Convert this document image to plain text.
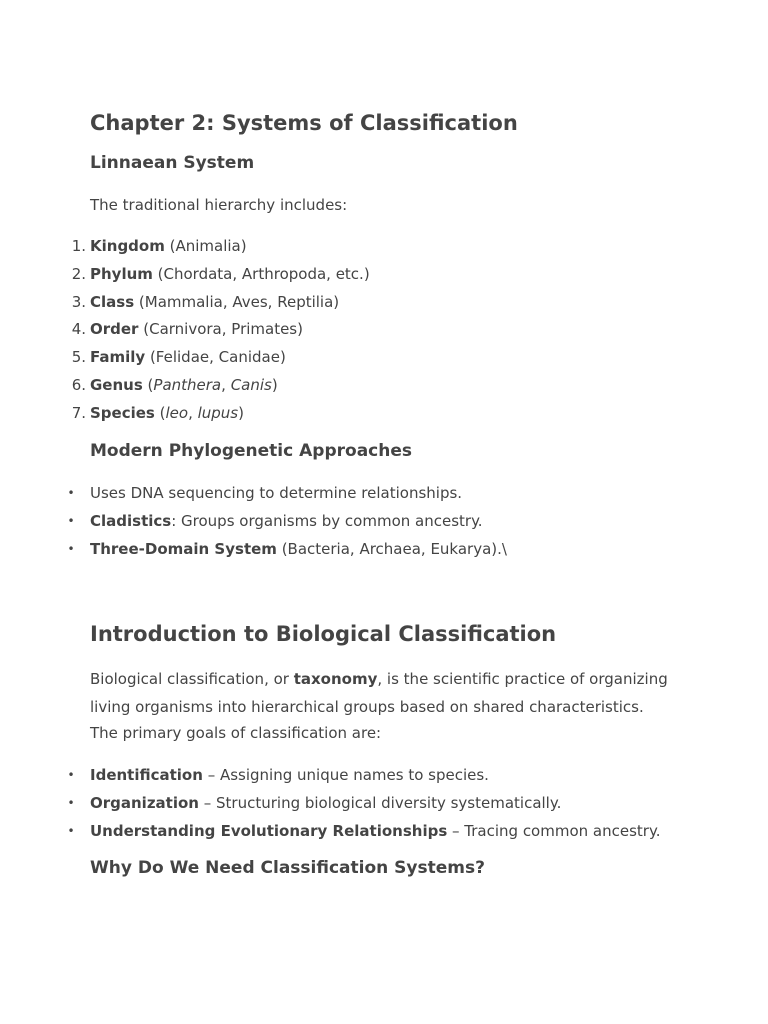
Chapter 2: Systems of Classification
Linnaean System

The traditional hierarchy includes:

1. Kingdom (Animalia)
2. Phylum (Chordata, Arthropoda, etc.)
3. Class (Mammalia, Aves, Reptilia)
4. Order (Carnivora, Primates)
5. Family (Felidae, Canidae)
6. Genus (Panthera, Canis)
7. Species (leo, lupus)
Modern Phylogenetic Approaches
• Uses DNA sequencing to determine relationships.
• Cladistics: Groups organisms by common ancestry.
• Three-Domain System (Bacteria, Archaea, Eukarya).\
Introduction to Biological Classification

Biological classification, or taxonomy, is the scientific practice of organizing living organisms into hierarchical groups based on shared characteristics.

The primary goals of classification are:

• Identification – Assigning unique names to species.
• Organization – Structuring biological diversity systematically.
• Understanding Evolutionary Relationships – Tracing common ancestry.
Why Do We Need Classification Systems?
